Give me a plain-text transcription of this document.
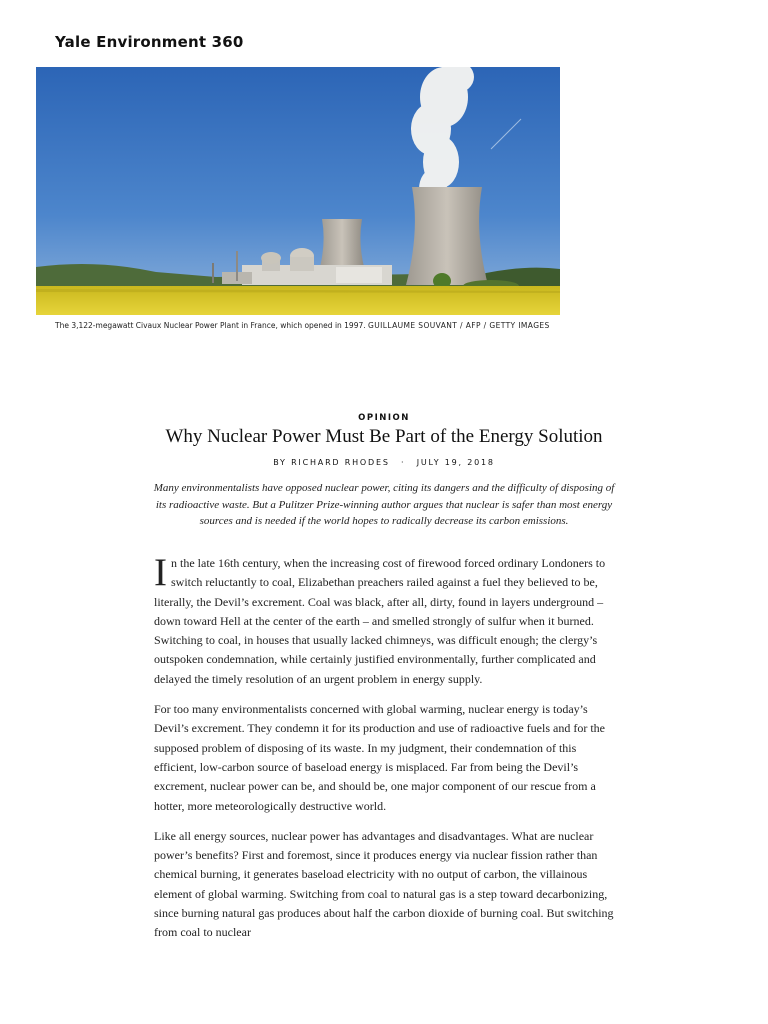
Yale Environment 360
The 3,122-megawatt Civaux Nuclear Power Plant in France, which opened in 1997. GUILLAUME SOUVANT / AFP / GETTY IMAGES
OPINION
Why Nuclear Power Must Be Part of the Energy Solution
BY RICHARD RHODES · JULY 19, 2018

Many environmentalists have opposed nuclear power, citing its dangers and the difficulty of disposing of its radioactive waste. But a Pulitzer Prize-winning author argues that nuclear is safer than most energy sources and is needed if the world hopes to radically decrease its carbon emissions.

In the late 16th century, when the increasing cost of firewood forced ordinary Londoners to switch reluctantly to coal, Elizabethan preachers railed against a fuel they believed to be, literally, the Devil’s excrement. Coal was black, after all, dirty, found in layers underground – down toward Hell at the center of the earth – and smelled strongly of sulfur when it burned. Switching to coal, in houses that usually lacked chimneys, was difficult enough; the clergy’s outspoken condemnation, while certainly justified environmentally, further complicated and delayed the timely resolution of an urgent problem in energy supply.

For too many environmentalists concerned with global warming, nuclear energy is today’s Devil’s excrement. They condemn it for its production and use of radioactive fuels and for the supposed problem of disposing of its waste. In my judgment, their condemnation of this efficient, low-carbon source of baseload energy is misplaced. Far from being the Devil’s excrement, nuclear power can be, and should be, one major component of our rescue from a hotter, more meteorologically destructive world.

Like all energy sources, nuclear power has advantages and disadvantages. What are nuclear power’s benefits? First and foremost, since it produces energy via nuclear fission rather than chemical burning, it generates baseload electricity with no output of carbon, the villainous element of global warming. Switching from coal to natural gas is a step toward decarbonizing, since burning natural gas produces about half the carbon dioxide of burning coal. But switching from coal to nuclear
